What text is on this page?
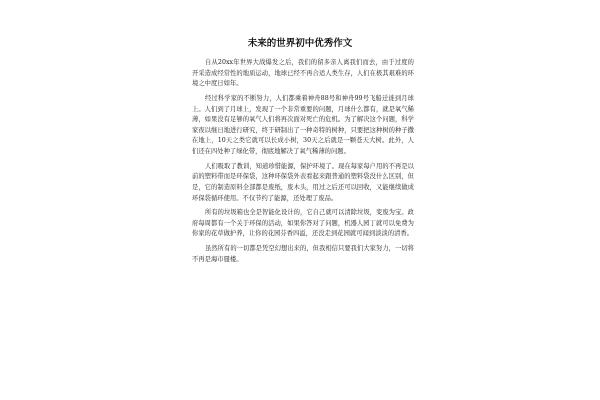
未来的世界初中优秀作文

自从20xx年世界大战爆发之后，我们的留多亲人离我们而去，由于过度的开采造成经常性的地质运动，地球已经不再合适人类生存，人们在极其艰难的环境之中度日如年。

经过科学家的不断努力，人们都乘着神舟88号和神舟99号飞船迁徙到月球上。人们到了月球上，发现了一个非常重要的问题，月球什么都有，就是氧气稀薄，如果没有足够的氧气人们将再次面对死亡的危机。为了解决这个问题，科学家夜以继日地进行研究，终于研制出了一种奇特的树种，只要把这种树的种子撒在地上，10天之类它就可以长成小树，30天之后就是一颗苍天大树。此外，人们还在四处种了绿化带，彻底地解决了氧气稀薄的问题。

人们吸取了教训，知道珍惜能源，保护环境了。现在每家每户用的不再是以前的塑料带而是环保袋，这种环保袋外表看起来跟普通的塑料袋没什么区别，但是，它的制造原料全部都是废纸，废木头，用过之后还可以回收，又能继续做成环保袋循环使用。不仅节约了能源，还处理了废品。

所有的垃圾箱也全是智能化设计的，它自己就可以清除垃圾，变废为宝。政府每周都有一个关于环保的活动，如果你答对了问题，机器人园丁就可以免费为你家的花草做护养，让你的花园芬香四溢，还没走到花园就可闻到淡淡的清香。

虽然所有的一切都是凭空幻想出来的，但我相信只要我们大家努力，一切将不再是海市蜃楼。
